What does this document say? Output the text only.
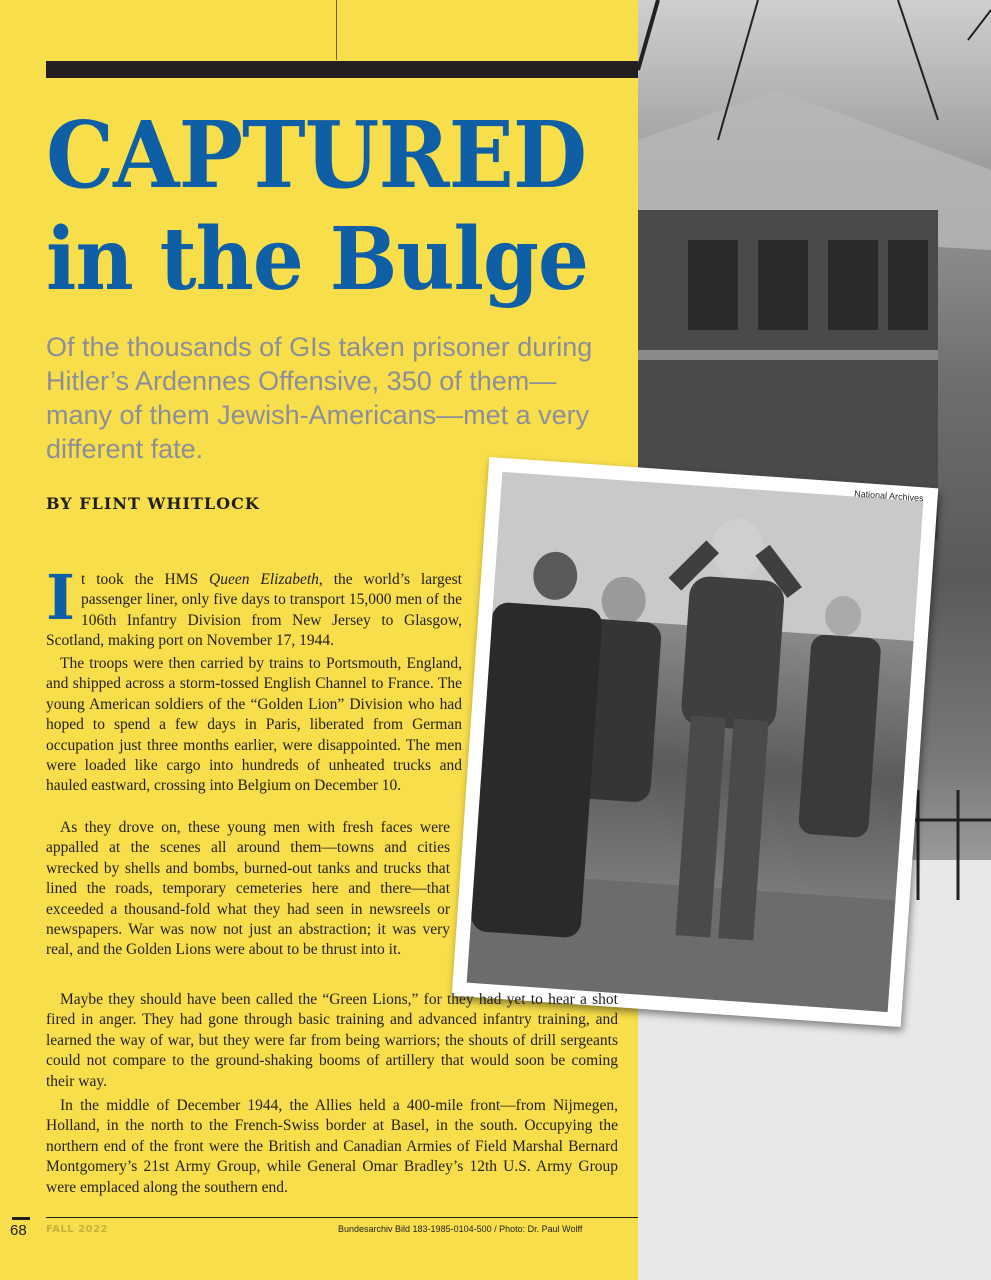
CAPTURED
in the Bulge

Of the thousands of GIs taken prisoner during Hitler’s Ardennes Offensive, 350 of them—many of them Jewish-Americans—met a very different fate.

BY FLINT WHITLOCK	National Archives

It took the HMS Queen Elizabeth, the world’s largest passenger liner, only five days to transport 15,000 men of the 106th Infantry Division from New Jersey to Glasgow, Scotland, making port on November 17, 1944.

The troops were then carried by trains to Portsmouth, England, and shipped across a storm-tossed English Channel to France. The young American soldiers of the “Golden Lion” Division who had hoped to spend a few days in Paris, liberated from German occupation just three months earlier, were disappointed. The men were loaded like cargo into hundreds of unheated trucks and hauled eastward, crossing into Belgium on December 10.

As they drove on, these young men with fresh faces were appalled at the scenes all around them—towns and cities wrecked by shells and bombs, burned-out tanks and trucks that lined the roads, temporary cemeteries here and there—that exceeded a thousand-fold what they had seen in newsreels or newspapers. War was now not just an abstraction; it was very real, and the Golden Lions were about to be thrust into it.

Maybe they should have been called the “Green Lions,” for they had yet to hear a shot fired in anger. They had gone through basic training and advanced infantry training, and learned the way of war, but they were far from being warriors; the shouts of drill sergeants could not compare to the ground-shaking booms of artillery that would soon be coming their way.

In the middle of December 1944, the Allies held a 400-mile front—from Nijmegen, Holland, in the north to the French-Swiss border at Basel, in the south. Occupying the northern end of the front were the British and Canadian Armies of Field Marshal Bernard Montgomery’s 21st Army Group, while General Omar Bradley’s 12th U.S. Army Group were emplaced along the southern end.

68 FALL 2022	Bundesarchiv Bild 183-1985-0104-500 / Photo: Dr. Paul Wolff
